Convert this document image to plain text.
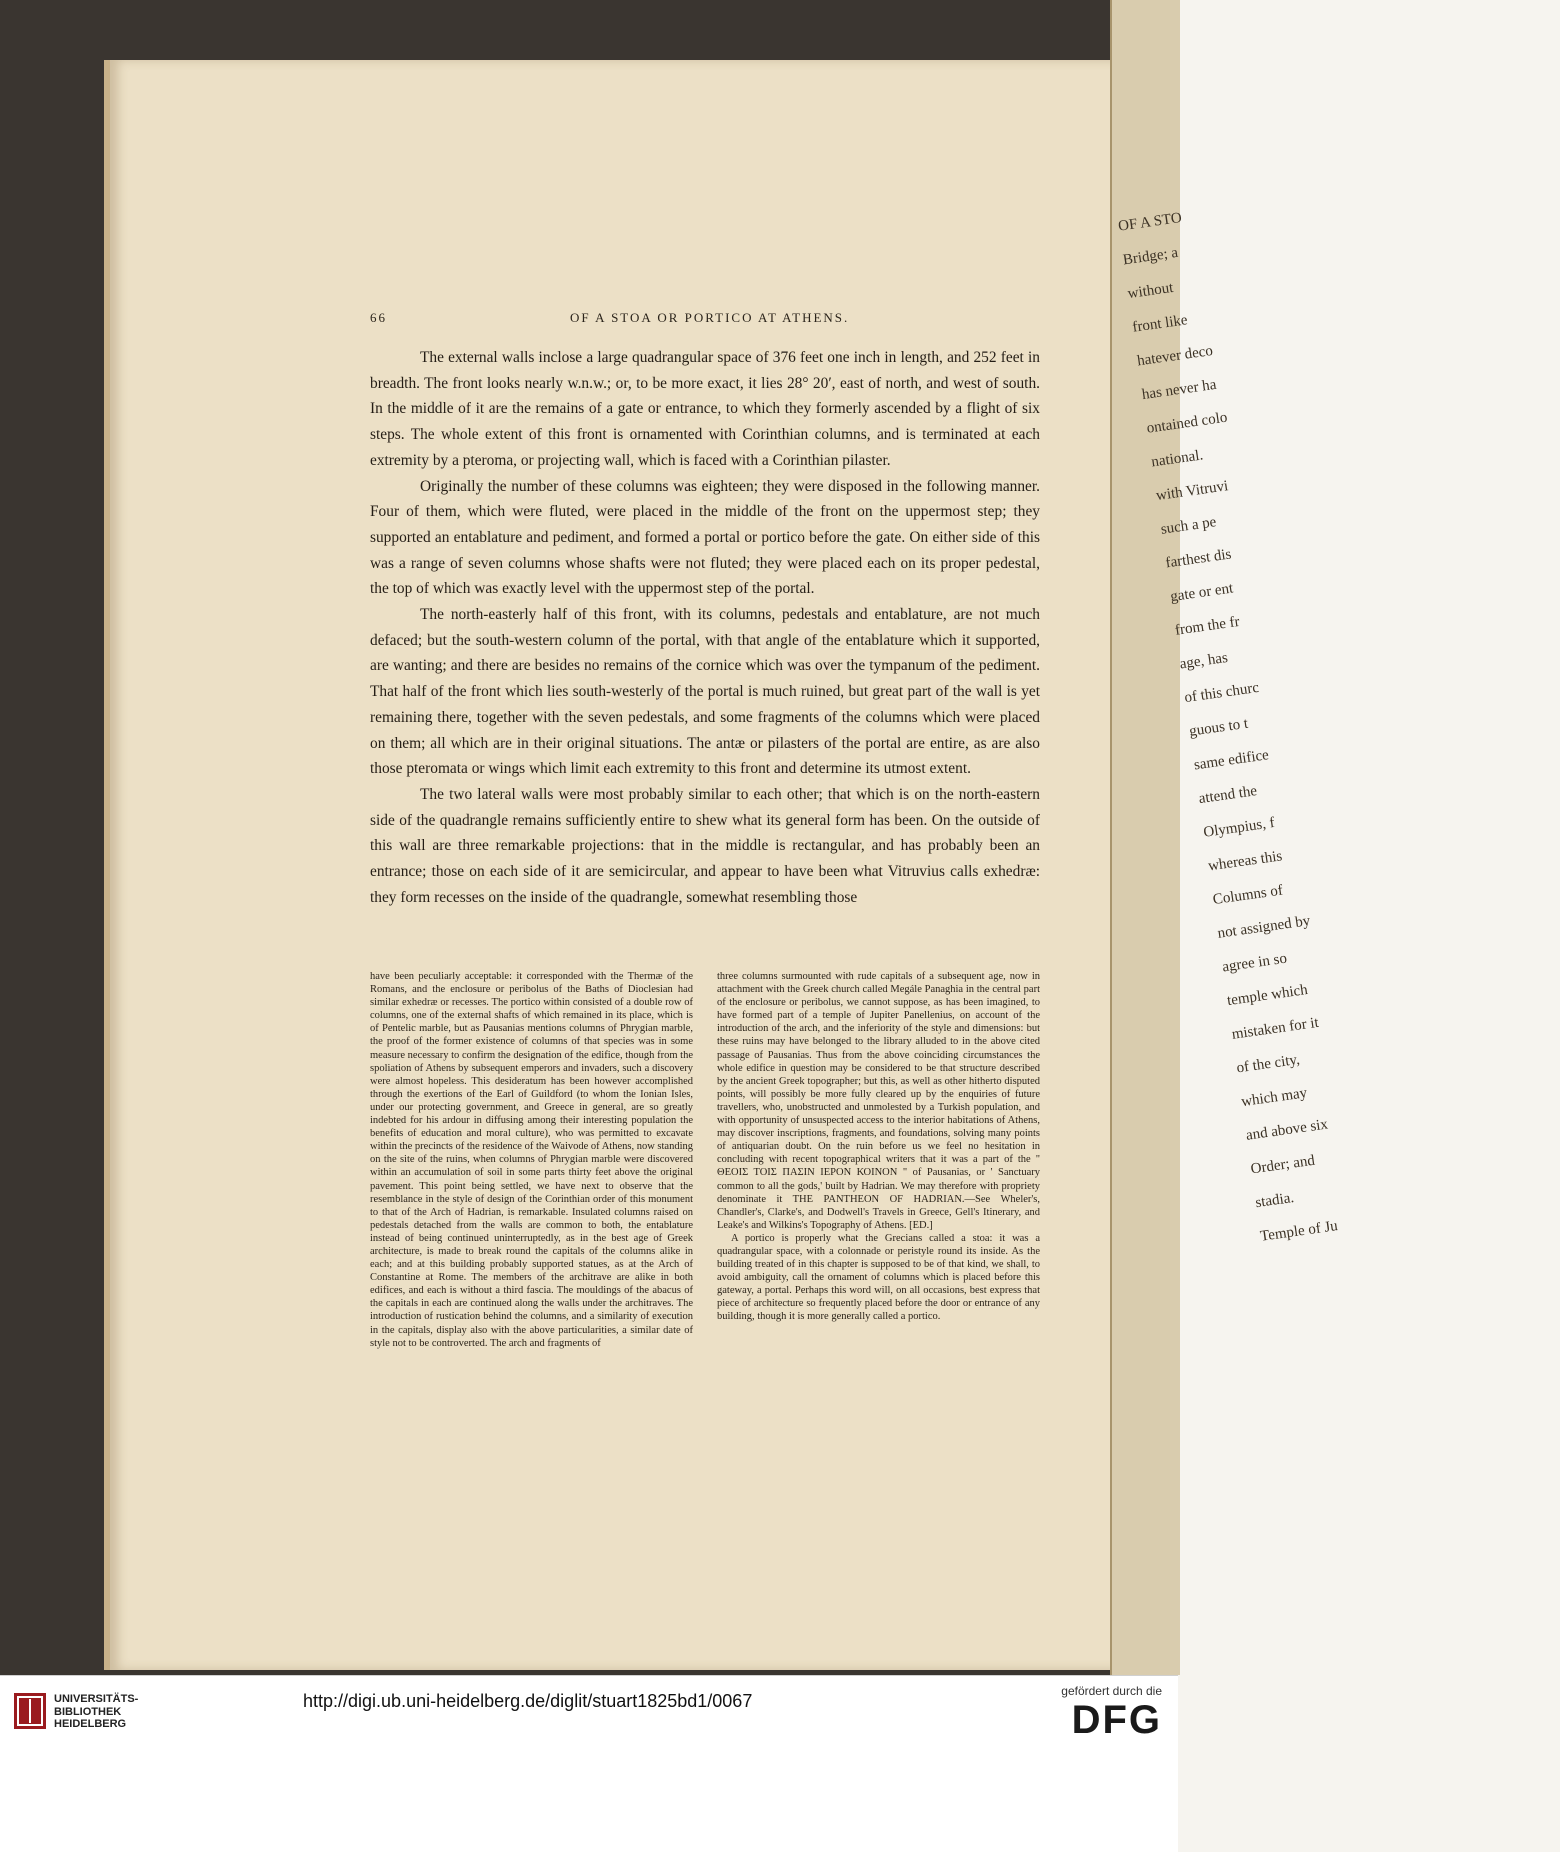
OF A STO
Bridge; a
without
front like
hatever deco
has never ha
ontained colo
national.
with Vitruvi
such a pe
farthest dis
gate or ent
from the fr
age, has
of this churc
guous to t
same edifice
attend the
Olympius, f
whereas this
Columns of
not assigned by
agree in so
temple which
mistaken for it
of the city,
which may
and above six
Order; and
stadia.
Temple of Ju
66	OF A STOA OR PORTICO AT ATHENS.

The external walls inclose a large quadrangular space of 376 feet one inch in length, and 252 feet in breadth. The front looks nearly w.n.w.; or, to be more exact, it lies 28° 20′, east of north, and west of south. In the middle of it are the remains of a gate or entrance, to which they formerly ascended by a flight of six steps. The whole extent of this front is ornamented with Corinthian columns, and is terminated at each extremity by a pteroma, or projecting wall, which is faced with a Corinthian pilaster.

Originally the number of these columns was eighteen; they were disposed in the following manner. Four of them, which were fluted, were placed in the middle of the front on the uppermost step; they supported an entablature and pediment, and formed a portal or portico before the gate. On either side of this was a range of seven columns whose shafts were not fluted; they were placed each on its proper pedestal, the top of which was exactly level with the uppermost step of the portal.

The north-easterly half of this front, with its columns, pedestals and entablature, are not much defaced; but the south-western column of the portal, with that angle of the entablature which it supported, are wanting; and there are besides no remains of the cornice which was over the tympanum of the pediment. That half of the front which lies south-westerly of the portal is much ruined, but great part of the wall is yet remaining there, together with the seven pedestals, and some fragments of the columns which were placed on them; all which are in their original situations. The antæ or pilasters of the portal are entire, as are also those pteromata or wings which limit each extremity to this front and determine its utmost extent.

The two lateral walls were most probably similar to each other; that which is on the north-eastern side of the quadrangle remains sufficiently entire to shew what its general form has been. On the outside of this wall are three remarkable projections: that in the middle is rectangular, and has probably been an entrance; those on each side of it are semicircular, and appear to have been what Vitruvius calls exhedræ: they form recesses on the inside of the quadrangle, somewhat resembling those

have been peculiarly acceptable: it corresponded with the Thermæ of the Romans, and the enclosure or peribolus of the Baths of Dioclesian had similar exhedræ or recesses. The portico within consisted of a double row of columns, one of the external shafts of which remained in its place, which is of Pentelic marble, but as Pausanias mentions columns of Phrygian marble, the proof of the former existence of columns of that species was in some measure necessary to confirm the designation of the edifice, though from the spoliation of Athens by subsequent emperors and invaders, such a discovery were almost hopeless. This desideratum has been however accomplished through the exertions of the Earl of Guildford (to whom the Ionian Isles, under our protecting government, and Greece in general, are so greatly indebted for his ardour in diffusing among their interesting population the benefits of education and moral culture), who was permitted to excavate within the precincts of the residence of the Waivode of Athens, now standing on the site of the ruins, when columns of Phrygian marble were discovered within an accumulation of soil in some parts thirty feet above the original pavement. This point being settled, we have next to observe that the resemblance in the style of design of the Corinthian order of this monument to that of the Arch of Hadrian, is remarkable. Insulated columns raised on pedestals detached from the walls are common to both, the entablature instead of being continued uninterruptedly, as in the best age of Greek architecture, is made to break round the capitals of the columns alike in each; and at this building probably supported statues, as at the Arch of Constantine at Rome. The members of the architrave are alike in both edifices, and each is without a third fascia. The mouldings of the abacus of the capitals in each are continued along the walls under the architraves. The introduction of rustication behind the columns, and a similarity of execution in the capitals, display also with the above particularities, a similar date of style not to be controverted. The arch and fragments of

three columns surmounted with rude capitals of a subsequent age, now in attachment with the Greek church called Megále Panaghia in the central part of the enclosure or peribolus, we cannot suppose, as has been imagined, to have formed part of a temple of Jupiter Panellenius, on account of the introduction of the arch, and the inferiority of the style and dimensions: but these ruins may have belonged to the library alluded to in the above cited passage of Pausanias. Thus from the above coinciding circumstances the whole edifice in question may be considered to be that structure described by the ancient Greek topographer; but this, as well as other hitherto disputed points, will possibly be more fully cleared up by the enquiries of future travellers, who, unobstructed and unmolested by a Turkish population, and with opportunity of unsuspected access to the interior habitations of Athens, may discover inscriptions, fragments, and foundations, solving many points of antiquarian doubt. On the ruin before us we feel no hesitation in concluding with recent topographical writers that it was a part of the " ΘΕΟΙΣ ΤΟΙΣ ΠΑΣΙΝ ΙΕΡΟΝ ΚΟΙΝΟΝ " of Pausanias, or ' Sanctuary common to all the gods,' built by Hadrian. We may therefore with propriety denominate it THE PANTHEON OF HADRIAN.—See Wheler's, Chandler's, Clarke's, and Dodwell's Travels in Greece, Gell's Itinerary, and Leake's and Wilkins's Topography of Athens. [ED.]

A portico is properly what the Grecians called a stoa: it was a quadrangular space, with a colonnade or peristyle round its inside. As the building treated of in this chapter is supposed to be of that kind, we shall, to avoid ambiguity, call the ornament of columns which is placed before this gateway, a portal. Perhaps this word will, on all occasions, best express that piece of architecture so frequently placed before the door or entrance of any building, though it is more generally called a portico.

UNIVERSITÄTS-
BIBLIOTHEK
HEIDELBERG
http://digi.ub.uni-heidelberg.de/diglit/stuart1825bd1/0067	gefördert durch die
DFG
